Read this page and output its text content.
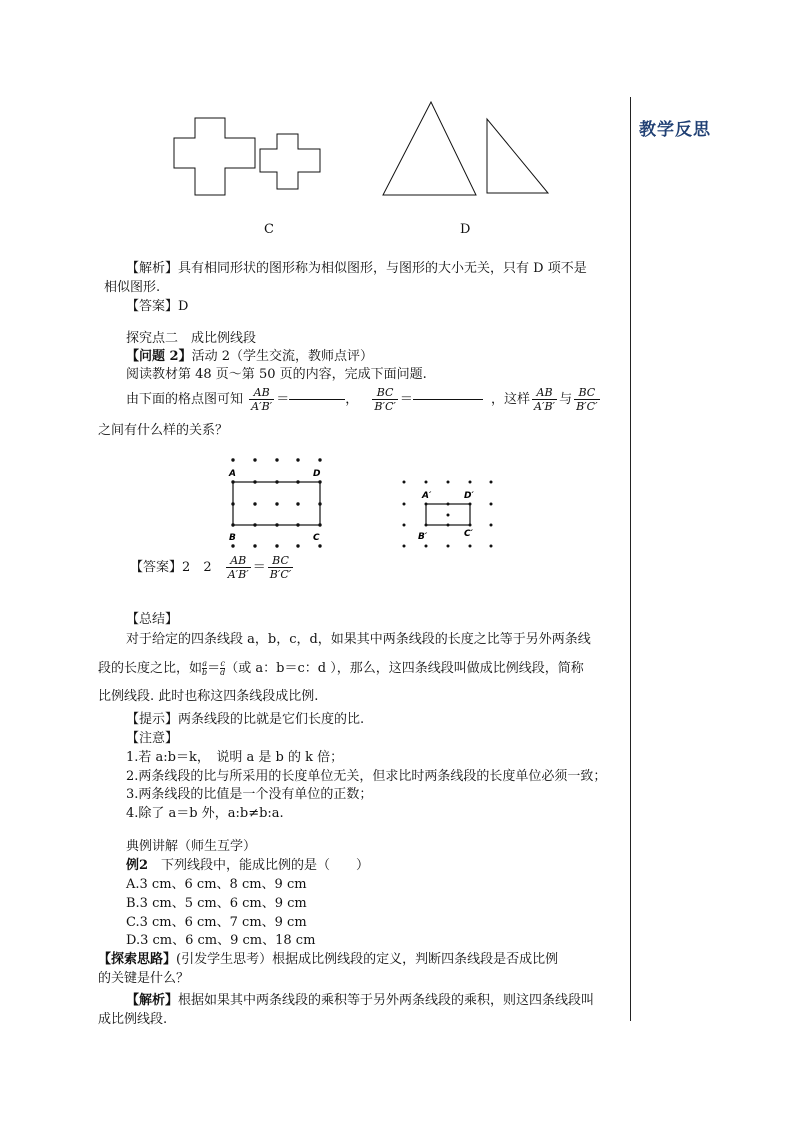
教学反思
C	D
【解析】具有相同形状的图形称为相似图形，与图形的大小无关，只有 D 项不是
相似图形.
【答案】D
探究点二　成比例线段
【问题 2】活动 2（学生交流，教师点评）
阅读教材第 48 页～第 50 页的内容，完成下面问题.
由下面的格点图可知 $\frac{AB}{A'B'}$ ＝	， $\frac{BC}{B'C'}$ ＝	，这样 $\frac{AB}{A'B'}$ 与 $\frac{BC}{B'C'}$
之间有什么样的关系？
A	D
B	C
A′	D′
B′	C′
【答案】2　 $2 \frac{AB}{A'B'} = \frac{BC}{B'C'}$
【总结】
对于给定的四条线段 a，b，c，d，如果其中两条线段的长度之比等于另外两条线
段的长度之比，如 $\frac{a}{b} = \frac{c}{d}$ （或 a：b＝c：d ），那么，这四条线段叫做成比例线段，简称
比例线段. 此时也称这四条线段成比例.
【提示】两条线段的比就是它们长度的比.
【注意】
1.若 a:b＝k，　说明 a 是 b 的 k 倍；
2.两条线段的比与所采用的长度单位无关，但求比时两条线段的长度单位必须一致；
3.两条线段的比值是一个没有单位的正数；
4.除了 a＝b 外，a:b≠b:a.
典例讲解（师生互学）
例2　下列线段中，能成比例的是（　　）
A.3 cm、6 cm、8 cm、9 cm
B.3 cm、5 cm、6 cm、9 cm
C.3 cm、6 cm、7 cm、9 cm
D.3 cm、6 cm、9 cm、18 cm
【探索思路】(引发学生思考）根据成比例线段的定义，判断四条线段是否成比例
的关键是什么？
【解析】根据如果其中两条线段的乘积等于另外两条线段的乘积，则这四条线段叫
成比例线段.
